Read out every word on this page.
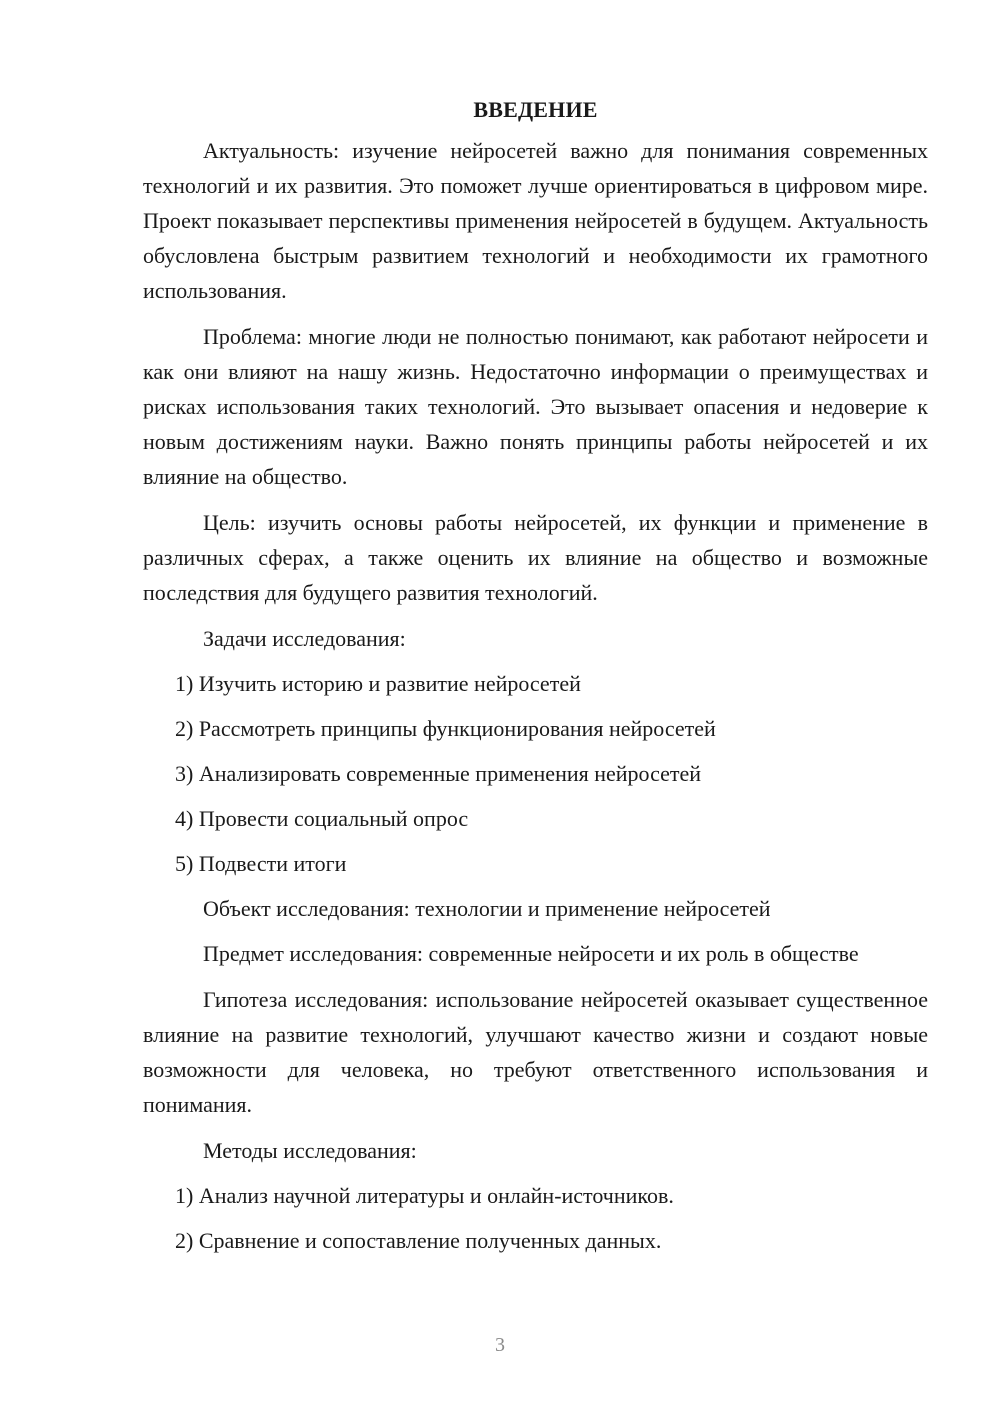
ВВЕДЕНИЕ

Актуальность: изучение нейросетей важно для понимания современных технологий и их развития. Это поможет лучше ориентироваться в цифровом мире. Проект показывает перспективы применения нейросетей в будущем. Актуальность обусловлена быстрым развитием технологий и необходимости их грамотного использования.

Проблема: многие люди не полностью понимают, как работают нейросети и как они влияют на нашу жизнь. Недостаточно информации о преимуществах и рисках использования таких технологий. Это вызывает опасения и недоверие к новым достижениям науки. Важно понять принципы работы нейросетей и их влияние на общество.

Цель: изучить основы работы нейросетей, их функции и применение в различных сферах, а также оценить их влияние на общество и возможные последствия для будущего развития технологий.

Задачи исследования:

1) Изучить историю и развитие нейросетей
2) Рассмотреть принципы функционирования нейросетей
3) Анализировать современные применения нейросетей
4) Провести социальный опрос
5) Подвести итоги

Объект исследования: технологии и применение нейросетей

Предмет исследования: современные нейросети и их роль в обществе

Гипотеза исследования: использование нейросетей оказывает существенное влияние на развитие технологий, улучшают качество жизни и создают новые возможности для человека, но требуют ответственного использования и понимания.

Методы исследования:

1) Анализ научной литературы и онлайн-источников.
2) Сравнение и сопоставление полученных данных.
3
